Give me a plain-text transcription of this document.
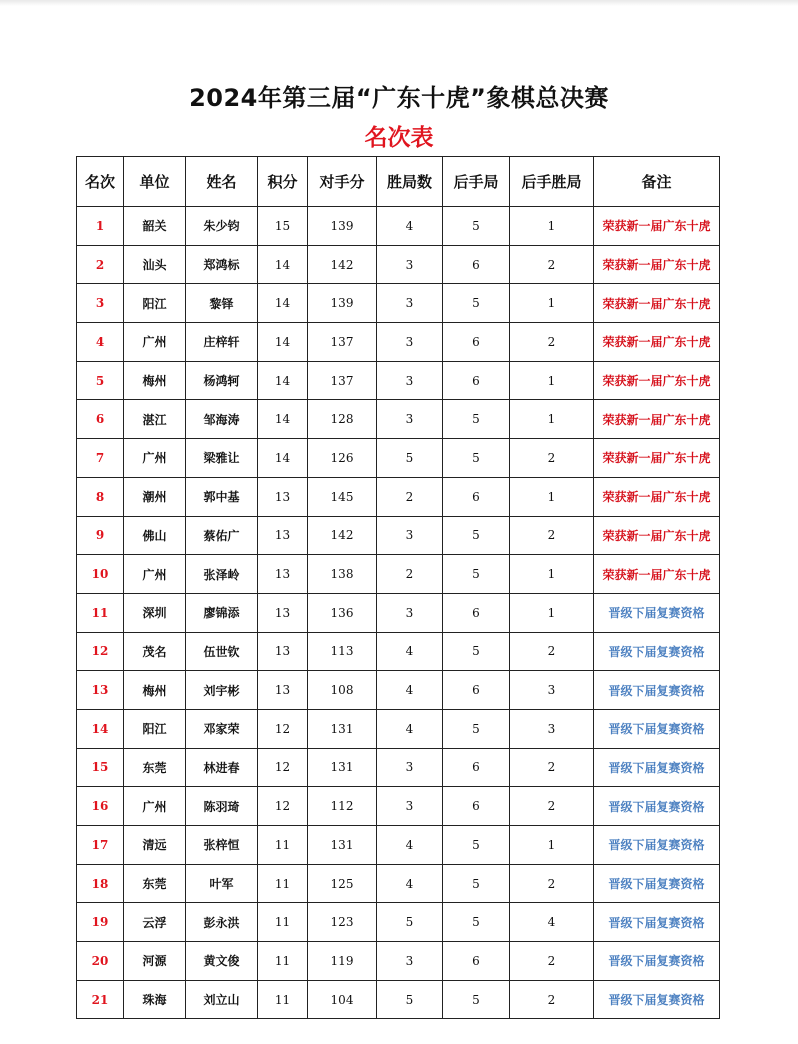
2024年第三届“广东十虎”象棋总决赛
名次表
名次	单位	姓名	积分	对手分	胜局数	后手局	后手胜局	备注
1	韶关	朱少钧	15	139	4	5	1	荣获新一届广东十虎
2	汕头	郑鸿标	14	142	3	6	2	荣获新一届广东十虎
3	阳江	黎铎	14	139	3	5	1	荣获新一届广东十虎
4	广州	庄梓轩	14	137	3	6	2	荣获新一届广东十虎
5	梅州	杨鸿轲	14	137	3	6	1	荣获新一届广东十虎
6	湛江	邹海涛	14	128	3	5	1	荣获新一届广东十虎
7	广州	梁雅让	14	126	5	5	2	荣获新一届广东十虎
8	潮州	郭中基	13	145	2	6	1	荣获新一届广东十虎
9	佛山	蔡佑广	13	142	3	5	2	荣获新一届广东十虎
10	广州	张泽岭	13	138	2	5	1	荣获新一届广东十虎
11	深圳	廖锦添	13	136	3	6	1	晋级下届复赛资格
12	茂名	伍世钦	13	113	4	5	2	晋级下届复赛资格
13	梅州	刘宇彬	13	108	4	6	3	晋级下届复赛资格
14	阳江	邓家荣	12	131	4	5	3	晋级下届复赛资格
15	东莞	林进春	12	131	3	6	2	晋级下届复赛资格
16	广州	陈羽琦	12	112	3	6	2	晋级下届复赛资格
17	清远	张梓恒	11	131	4	5	1	晋级下届复赛资格
18	东莞	叶军	11	125	4	5	2	晋级下届复赛资格
19	云浮	彭永洪	11	123	5	5	4	晋级下届复赛资格
20	河源	黄文俊	11	119	3	6	2	晋级下届复赛资格
21	珠海	刘立山	11	104	5	5	2	晋级下届复赛资格
